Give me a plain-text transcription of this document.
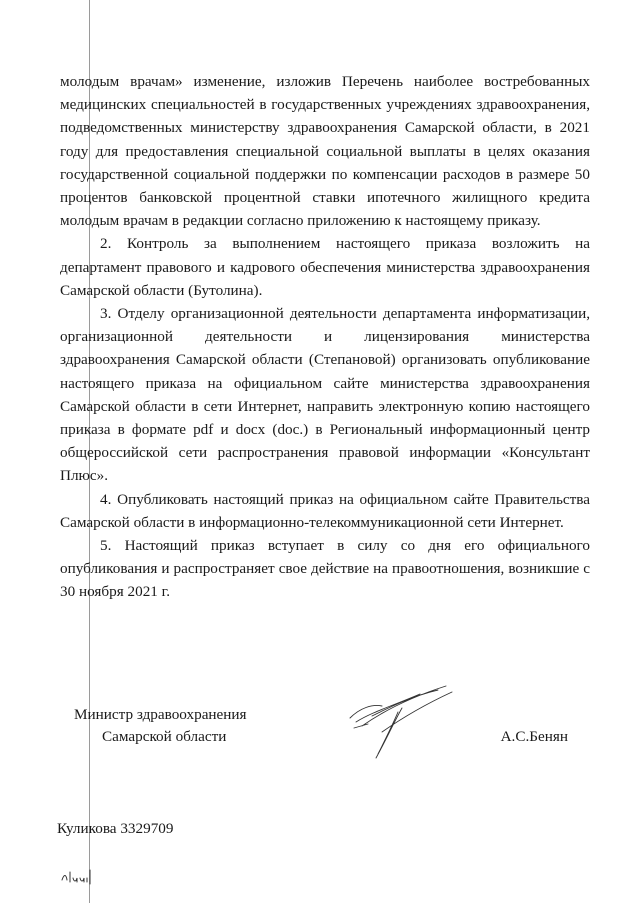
молодым врачам» изменение, изложив Перечень наиболее востребованных медицинских специальностей в государственных учреждениях здравоохранения, подведомственных министерству здравоохранения Самарской области, в 2021 году для предоставления специальной социальной выплаты в целях оказания государственной социальной поддержки по компенсации расходов в размере 50 процентов банковской процентной ставки ипотечного жилищного кредита молодым врачам в редакции согласно приложению к настоящему приказу.

2. Контроль за выполнением настоящего приказа возложить на департамент правового и кадрового обеспечения министерства здравоохранения Самарской области (Бутолина).

3. Отделу организационной деятельности департамента информатизации, организационной деятельности и лицензирования министерства здравоохранения Самарской области (Степановой) организовать опубликование настоящего приказа на официальном сайте министерства здравоохранения Самарской области в сети Интернет, направить электронную копию настоящего приказа в формате pdf и docx (doc.) в Региональный информационный центр общероссийской сети распространения правовой информации «Консультант Плюс».

4. Опубликовать настоящий приказ на официальном сайте Правительства Самарской области в информационно-телекоммуникационной сети Интернет.

5. Настоящий приказ вступает в силу со дня его официального опубликования и распространяет свое действие на правоотношения, возникшие с 30 ноября 2021 г.

Министр здравоохранения
Самарской области	А.С.Бенян
Куликова 3329709
